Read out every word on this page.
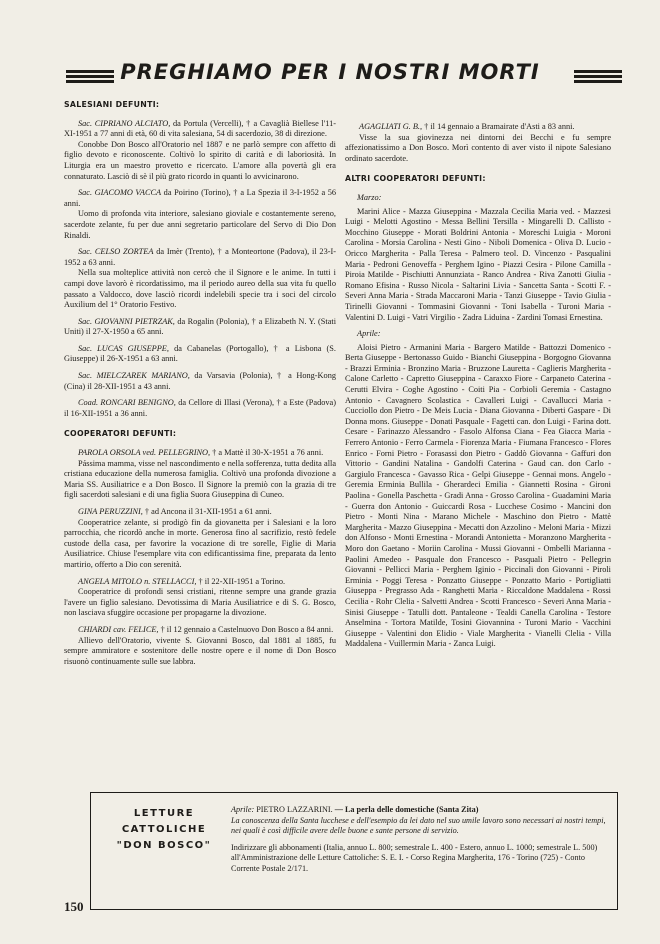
PREGHIAMO PER I NOSTRI MORTI
SALESIANI DEFUNTI:

Sac. CIPRIANO ALCIATO, da Portula (Vercelli), † a Cavaglià Biellese l'11-XI-1951 a 77 anni di età, 60 di vita salesiana, 54 di sacerdozio, 38 di direzione.

Conobbe Don Bosco all'Oratorio nel 1887 e ne parlò sempre con affetto di figlio devoto e riconoscente. Coltivò lo spirito di carità e di laboriosità. In Liturgia era un maestro provetto e ricercato. L'amore alla povertà gli era connaturato. Lasciò di sè il più grato ricordo in quanti lo avvicinarono.

Sac. GIACOMO VACCA da Poirino (Torino), † a La Spezia il 3-I-1952 a 56 anni.

Uomo di profonda vita interiore, salesiano gioviale e costantemente sereno, sacerdote zelante, fu per due anni segretario particolare del Servo di Dio Don Rinaldi.

Sac. CELSO ZORTEA da Imèr (Trento), † a Monteortone (Padova), il 23-I-1952 a 63 anni.

Nella sua molteplice attività non cercò che il Signore e le anime. In tutti i campi dove lavorò è ricordatissimo, ma il periodo aureo della sua vita fu quello passato a Valdocco, dove lasciò ricordi indelebili specie tra i soci del circolo Auxilium del 1° Oratorio Festivo.

Sac. GIOVANNI PIETRZAK, da Rogalin (Polonia), † a Elizabeth N. Y. (Stati Uniti) il 27-X-1950 a 65 anni.

Sac. LUCAS GIUSEPPE, da Cabanelas (Portogallo), † a Lisbona (S. Giuseppe) il 26-X-1951 a 63 anni.

Sac. MIELCZAREK MARIANO, da Varsavia (Polonia), † a Hong-Kong (Cina) il 28-XII-1951 a 43 anni.

Coad. RONCARI BENIGNO, da Cellore di Illasi (Verona), † a Este (Padova) il 16-XII-1951 a 36 anni.

COOPERATORI DEFUNTI:

PAROLA ORSOLA ved. PELLEGRINO, † a Mattè il 30-X-1951 a 76 anni.

Pássima mamma, visse nel nascondimento e nella sofferenza, tutta dedita alla cristiana educazione della numerosa famiglia. Coltivò una profonda divozione a Maria SS. Ausiliatrice e a Don Bosco. Il Signore la premiò con la grazia di tre figli sacerdoti salesiani e di una figlia Suora Giuseppina di Cuneo.

GINA PERUZZINI, † ad Ancona il 31-XII-1951 a 61 anni.

Cooperatrice zelante, si prodigò fin da giovanetta per i Salesiani e la loro parrocchia, che ricordò anche in morte. Generosa fino al sacrifizio, restò fedele custode della casa, per favorire la vocazione di tre sorelle, Figlie di Maria Ausiliatrice. Chiuse l'esemplare vita con edificantissima fine, preparata da lento martirio, offerto a Dio con serenità.

ANGELA MITOLO n. STELLACCI, † il 22-XII-1951 a Torino.

Cooperatrice di profondi sensi cristiani, ritenne sempre una grande grazia l'avere un figlio salesiano. Devotissima di Maria Ausiliatrice e di S. G. Bosco, non lasciava sfuggire occasione per propagarne la divozione.

CHIARDI cav. FELICE, † il 12 gennaio a Castelnuovo Don Bosco a 84 anni.

Allievo dell'Oratorio, vivente S. Giovanni Bosco, dal 1881 al 1885, fu sempre ammiratore e sostenitore delle nostre opere e il nome di Don Bosco risuonò continuamente sulle sue labbra.

AGAGLIATI G. B., † il 14 gennaio a Bramairate d'Asti a 83 anni.

Visse la sua giovinezza nei dintorni dei Becchi e fu sempre affezionatissimo a Don Bosco. Morì contento di aver visto il nipote Salesiano ordinato sacerdote.

ALTRI COOPERATORI DEFUNTI:
Marzo:

Marini Alice - Mazza Giuseppina - Mazzala Cecilia Maria ved. - Mazzesi Luigi - Melotti Agostino - Messa Bellini Tersilla - Mingarelli D. Callisto - Mocchino Giuseppe - Morati Boldrini Antonia - Moreschi Luigia - Moroni Carolina - Morsia Carolina - Nesti Gino - Niboli Domenica - Oliva D. Lucio - Oricco Margherita - Palla Teresa - Palmero teol. D. Vincenzo - Pasqualini Maria - Pedroni Genoveffa - Perghem Igino - Piazzi Cesira - Pilone Camilla - Piroia Matilde - Pischiutti Annunziata - Ranco Andrea - Riva Zanotti Giulia - Romano Efisina - Russo Nicola - Saltarini Livia - Sancetta Santa - Scotti F. - Severi Anna Maria - Strada Maccaroni Maria - Tanzi Giuseppe - Tavio Giulia - Tirinelli Giovanni - Tommasini Giovanni - Toni Isabella - Turoni Maria - Valentini D. Luigi - Vatri Virgilio - Zadra Liduina - Zardini Tomasi Ernestina.

Aprile:

Aloisi Pietro - Armanini Maria - Bargero Matilde - Battozzi Domenico - Berta Giuseppe - Bertonasso Guido - Bianchi Giuseppina - Borgogno Giovanna - Brazzi Erminia - Bronzino Maria - Bruzzone Lauretta - Caglieris Margherita - Calone Carletto - Capretto Giuseppina - Caraxxo Fiore - Carpaneto Caterina - Cerutti Elvira - Coghe Agostino - Coiti Pia - Corbioli Geremia - Castagno Antonio - Cavagnero Scolastica - Cavalleri Luigi - Cavallucci Maria - Cucciollo don Pietro - De Meis Lucia - Diana Giovanna - Diberti Gaspare - Di Donna mons. Giuseppe - Donati Pasquale - Fagetti can. don Luigi - Farina dott. Cesare - Farinazzo Alessandro - Fasolo Alfonsa Ciana - Fea Giacca Maria - Ferrero Antonio - Ferro Carmela - Fiorenza Maria - Fiumana Francesco - Flores Enrico - Forni Pietro - Forasassi don Pietro - Gaddò Giovanna - Gaffuri don Vittorio - Gandini Natalina - Gandolfi Caterina - Gaud can. don Carlo - Gargiulo Francesca - Gavasso Rica - Gelpi Giuseppe - Gennai mons. Angelo - Geremia Erminia Bullila - Gherardeci Emilia - Giannetti Rosina - Gironi Paolina - Gonella Paschetta - Gradi Anna - Grosso Carolina - Guadamini Maria - Guerra don Antonio - Guiccardi Rosa - Lucchese Cosimo - Mancini don Pietro - Monti Nina - Marano Michele - Maschino don Pietro - Mattè Margherita - Mazzo Giuseppina - Mecatti don Azzolino - Meloni Maria - Mizzi don Alfonso - Monti Ernestina - Morandi Antonietta - Moranzono Margherita - Moro don Gaetano - Moriin Carolina - Mussi Giovanni - Ombelli Marianna - Paolini Amedeo - Pasquale don Francesco - Pasquali Pietro - Pellegrin Giovanni - Pellicci Maria - Perghem Iginio - Piccinali don Giovanni - Piroli Erminia - Poggi Teresa - Ponzatto Giuseppe - Ponzatto Mario - Portigliatti Giuseppa - Pregrasso Ada - Ranghetti Maria - Riccaldone Maddalena - Rossi Cecilia - Rohr Clelia - Salvetti Andrea - Scotti Francesco - Severi Anna Maria - Sinisi Giuseppe - Tatulli dott. Pantaleone - Tealdi Canella Carolina - Testore Anselmina - Tortora Matilde, Tosini Giovannina - Turoni Mario - Vacchini Giuseppe - Valentini don Elidio - Viale Margherita - Vianelli Clelia - Villa Maddalena - Vuillermin Maria - Zanca Luigi.

LETTURE
CATTOLICHE
"DON BOSCO"
Aprile: PIETRO LAZZARINI. — La perla delle domestiche (Santa Zita)
La conoscenza della Santa lucchese e dell'esempio da lei dato nel suo umile lavoro sono necessari ai nostri tempi, nei quali è così difficile avere delle buone e sante persone di servizio.
Indirizzare gli abbonamenti (Italia, annuo L. 800; semestrale L. 400 - Estero, annuo L. 1000; semestrale L. 500) all'Amministrazione delle Letture Cattoliche: S. E. I. - Corso Regina Margherita, 176 - Torino (725) - Conto Corrente Postale 2/171.
150
